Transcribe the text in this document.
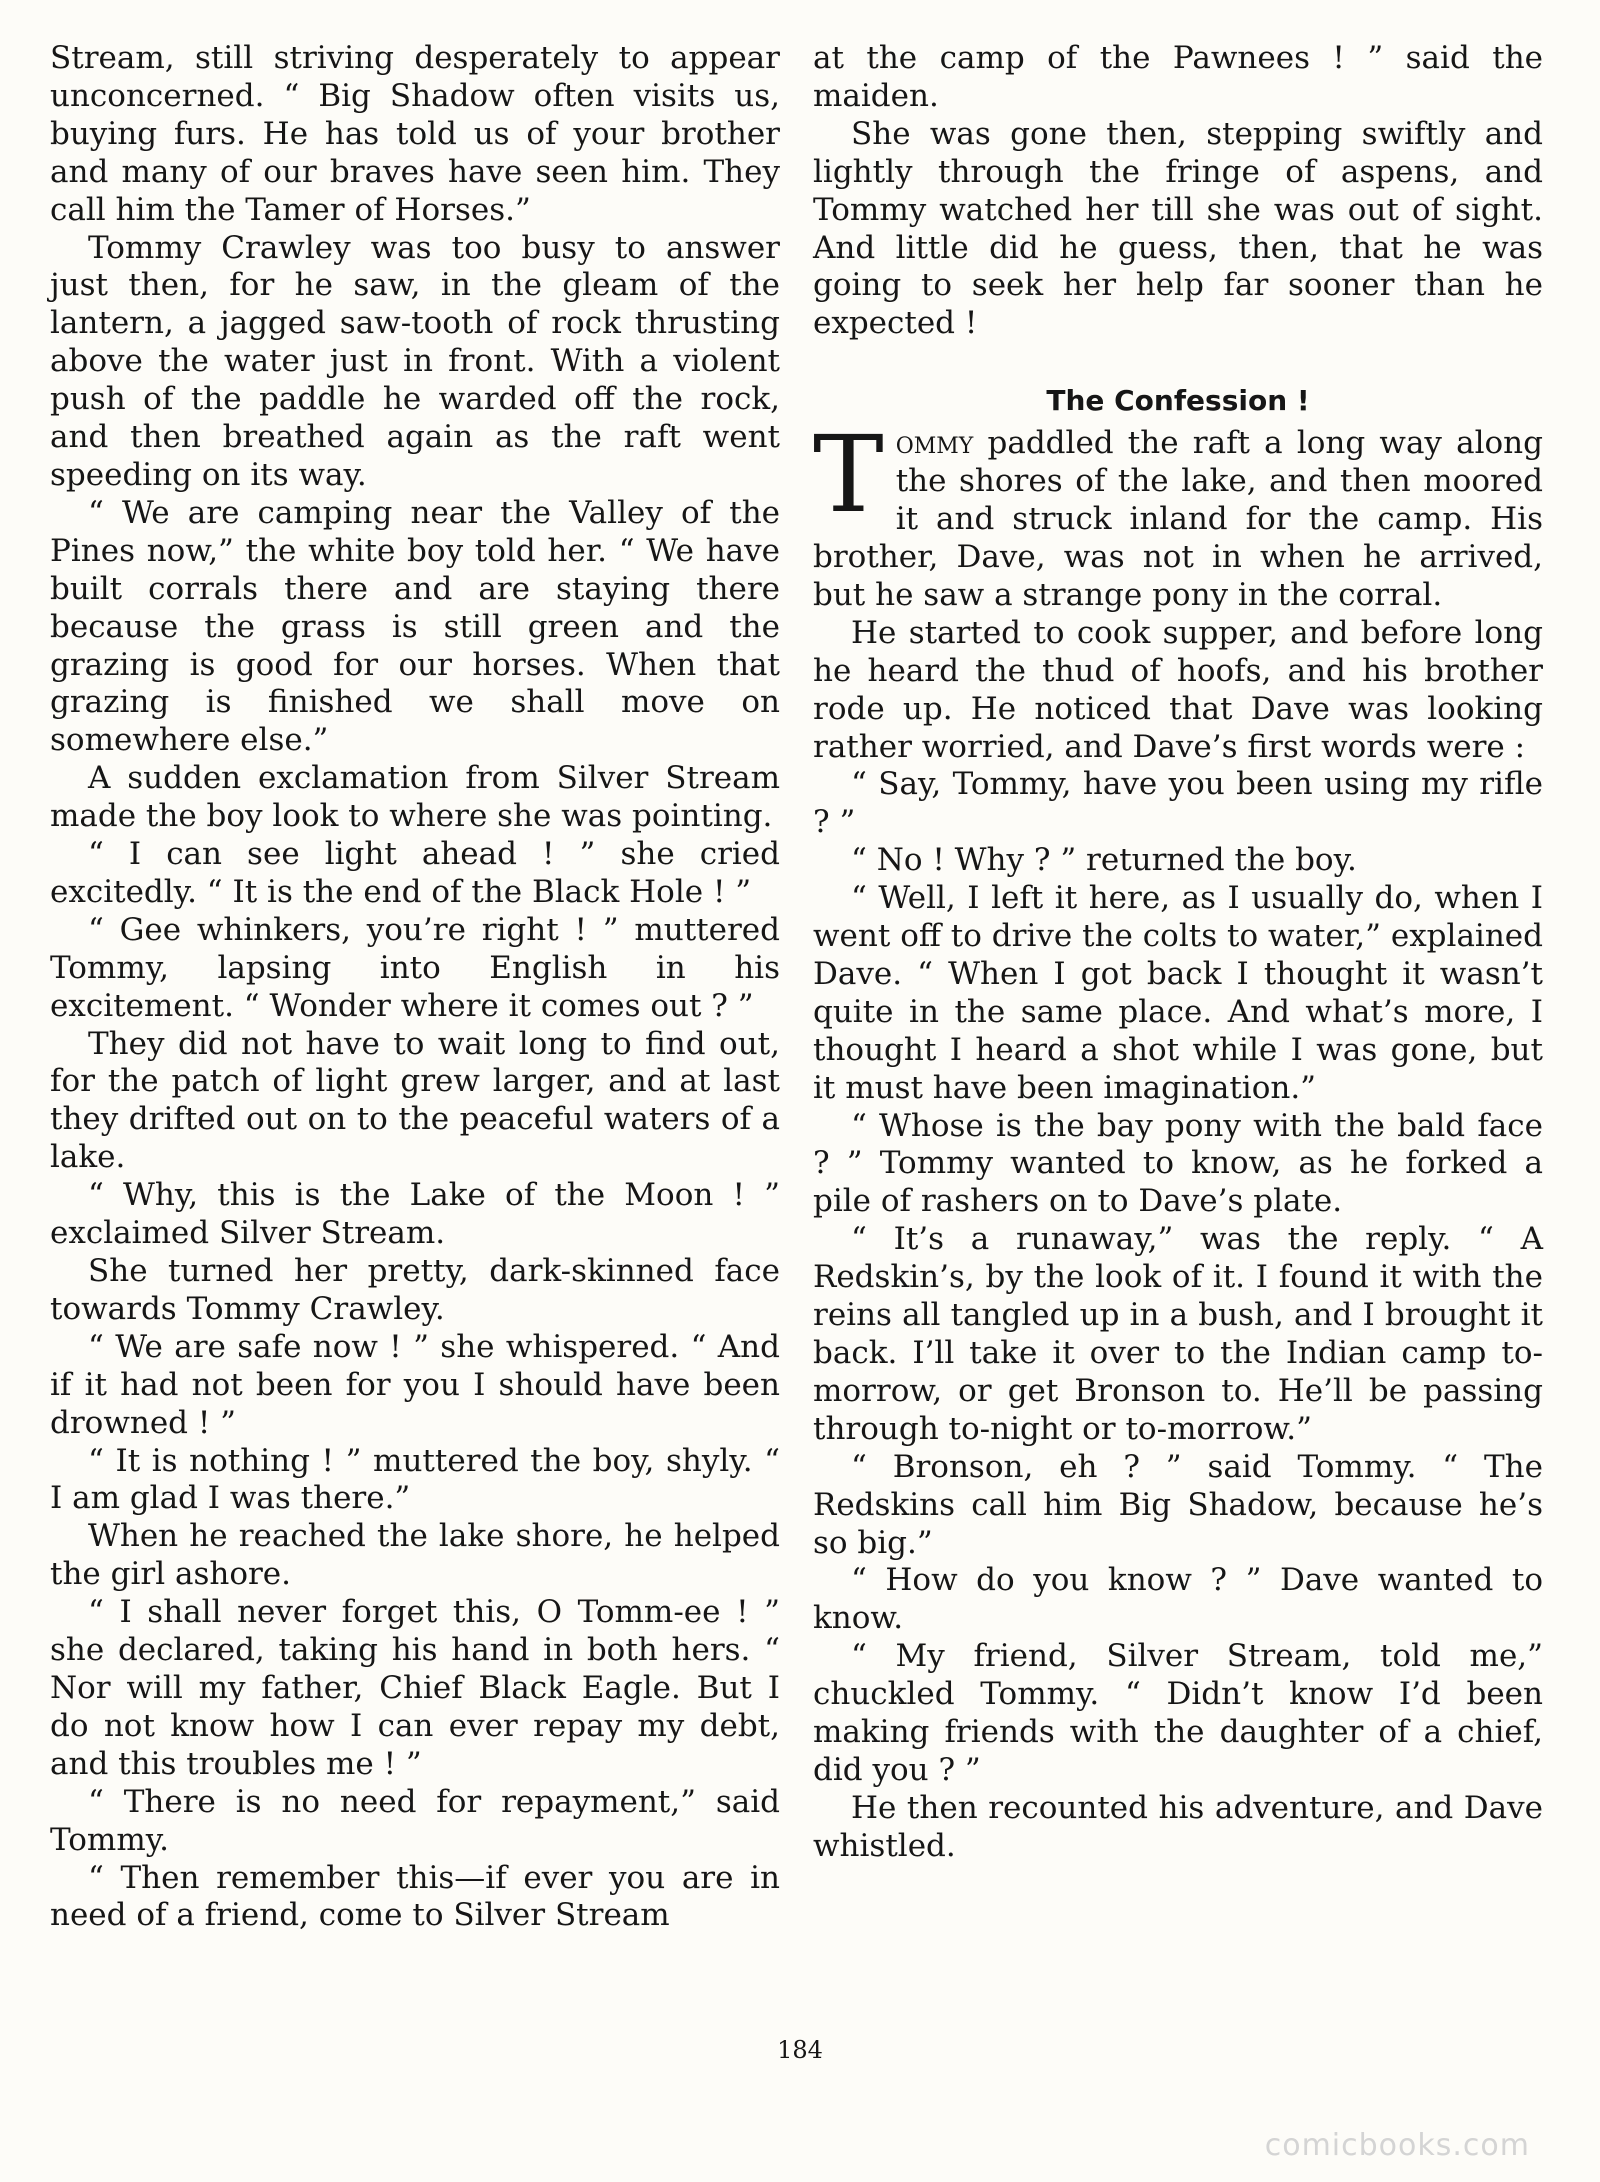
Stream, still striving desperately to appear unconcerned. “ Big Shadow often visits us, buying furs. He has told us of your brother and many of our braves have seen him. They call him the Tamer of Horses.”

Tommy Crawley was too busy to answer just then, for he saw, in the gleam of the lantern, a jagged saw-tooth of rock thrusting above the water just in front. With a violent push of the paddle he warded off the rock, and then breathed again as the raft went speeding on its way.

“ We are camping near the Valley of the Pines now,” the white boy told her. “ We have built corrals there and are staying there because the grass is still green and the grazing is good for our horses. When that grazing is finished we shall move on somewhere else.”

A sudden exclamation from Silver Stream made the boy look to where she was pointing.

“ I can see light ahead ! ” she cried excitedly. “ It is the end of the Black Hole ! ”

“ Gee whinkers, you’re right ! ” muttered Tommy, lapsing into English in his excitement. “ Wonder where it comes out ? ”

They did not have to wait long to find out, for the patch of light grew larger, and at last they drifted out on to the peaceful waters of a lake.

“ Why, this is the Lake of the Moon ! ” exclaimed Silver Stream.

She turned her pretty, dark-skinned face towards Tommy Crawley.

“ We are safe now ! ” she whispered. “ And if it had not been for you I should have been drowned ! ”

“ It is nothing ! ” muttered the boy, shyly. “ I am glad I was there.”

When he reached the lake shore, he helped the girl ashore.

“ I shall never forget this, O Tomm-ee ! ” she declared, taking his hand in both hers. “ Nor will my father, Chief Black Eagle. But I do not know how I can ever repay my debt, and this troubles me ! ”

“ There is no need for repayment,” said Tommy.

“ Then remember this—if ever you are in need of a friend, come to Silver Stream

at the camp of the Pawnees ! ” said the maiden.

She was gone then, stepping swiftly and lightly through the fringe of aspens, and Tommy watched her till she was out of sight. And little did he guess, then, that he was going to seek her help far sooner than he expected !

The Confession !

Tommy paddled the raft a long way along the shores of the lake, and then moored it and struck inland for the camp. His brother, Dave, was not in when he arrived, but he saw a strange pony in the corral.

He started to cook supper, and before long he heard the thud of hoofs, and his brother rode up. He noticed that Dave was looking rather worried, and Dave’s first words were :

“ Say, Tommy, have you been using my rifle ? ”

“ No ! Why ? ” returned the boy.

“ Well, I left it here, as I usually do, when I went off to drive the colts to water,” explained Dave. “ When I got back I thought it wasn’t quite in the same place. And what’s more, I thought I heard a shot while I was gone, but it must have been imagination.”

“ Whose is the bay pony with the bald face ? ” Tommy wanted to know, as he forked a pile of rashers on to Dave’s plate.

“ It’s a runaway,” was the reply. “ A Redskin’s, by the look of it. I found it with the reins all tangled up in a bush, and I brought it back. I’ll take it over to the Indian camp to-morrow, or get Bronson to. He’ll be passing through to-night or to-morrow.”

“ Bronson, eh ? ” said Tommy. “ The Redskins call him Big Shadow, because he’s so big.”

“ How do you know ? ” Dave wanted to know.

“ My friend, Silver Stream, told me,” chuckled Tommy. “ Didn’t know I’d been making friends with the daughter of a chief, did you ? ”

He then recounted his adventure, and Dave whistled.

184
comicbooks.com
